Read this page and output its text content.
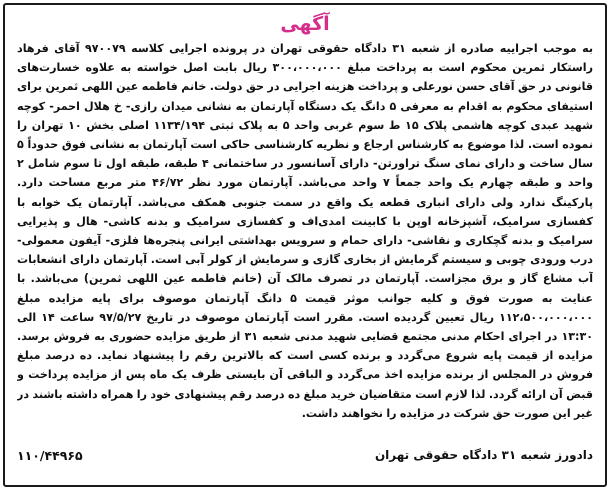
آگهی
به موجب اجراییه صادره از شعبه ۳۱ دادگاه حقوقی تهران در پرونده اجرایی کلاسه ۹۷۰۰۷۹ آقای فرهاد راستکار ثمرین محکوم است به پرداخت مبلغ ۳۰۰،۰۰۰،۰۰۰ ریال بابت اصل خواسته به علاوه خسارت‌های قانونی در حق آقای حسن نورعلی و پرداخت هزینه اجرایی در حق دولت. خانم فاطمه عین اللهی ثمرین برای استیفای محکوم به اقدام به معرفی ۵ دانگ یک دستگاه آپارتمان به نشانی میدان رازی- خ هلال احمر- کوچه شهید عبدی کوچه هاشمی پلاک ۱۵ ط سوم غربی واحد ۵ به پلاک ثبتی ۱۱۳۴/۱۹۴ اصلی بخش ۱۰ تهران را نموده است. لذا موضوع به کارشناس ارجاع و نظریه کارشناسی حاکی است آپارتمان به نشانی فوق حدوداً ۵ سال ساخت و دارای نمای سنگ تراورتن- دارای آسانسور در ساختمانی ۴ طبقه، طبقه اول تا سوم شامل ۲ واحد و طبقه چهارم یک واحد جمعاً ۷ واحد می‌باشد. آپارتمان مورد نظر ۴۶/۷۲ متر مربع مساحت دارد. پارکینگ ندارد ولی دارای انباری قطعه یک واقع در سمت جنوبی همکف می‌باشد. آپارتمان یک خوابه با کفسازی سرامیک، آشپزخانه اوپن با کابینت امدی‌اف و کفسازی سرامیک و بدنه کاشی- هال و پذیرایی سرامیک و بدنه گچکاری و نقاشی- دارای حمام و سرویس بهداشتی ایرانی پنجره‌ها فلزی- آیفون معمولی- درب ورودی چوبی و سیستم گرمایش از بخاری گازی و سرمایش از کولر آبی است. آپارتمان دارای انشعابات آب مشاع گاز و برق مجزاست. آپارتمان در تصرف مالک آن (خانم فاطمه عین اللهی ثمرین) می‌باشد. با عنایت به صورت فوق و کلیه جوانب موثر قیمت ۵ دانگ آپارتمان موصوف برای پایه مزایده مبلغ ۱۱۲،۵۰۰،۰۰۰،۰۰۰ ریال تعیین گردیده است. مقرر است آپارتمان موصوف در تاریخ ۹۷/۵/۲۷ ساعت ۱۴ الی ۱۳:۳۰ در اجرای احکام مدنی مجتمع قضایی شهید مدنی شعبه ۳۱ از طریق مزایده حضوری به فروش برسد. مزایده از قیمت پایه شروع می‌گردد و برنده کسی است که بالاترین رقم را پیشنهاد نماید. ده درصد مبلغ فروش در المجلس از برنده مزایده اخذ می‌گردد و الباقی آن بایستی ظرف یک ماه پس از مزایده پرداخت و قبض آن ارائه گردد. لذا لازم است متقاضیان خرید مبلغ ده درصد رقم پیشنهادی خود را همراه داشته باشند در غیر این صورت حق شرکت در مزایده را نخواهند داشت.
دادورز شعبه ۳۱ دادگاه حقوقی تهران
۱۱۰/۴۴۹۶۵
